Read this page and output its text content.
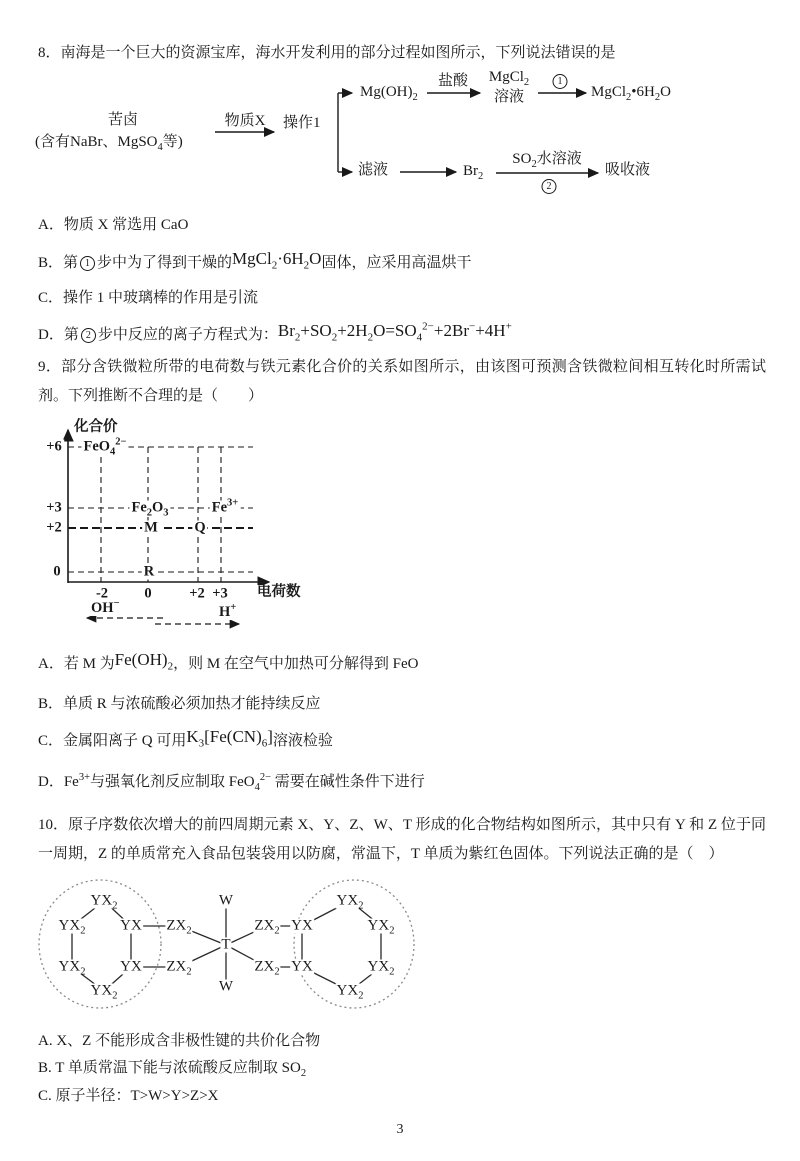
8．南海是一个巨大的资源宝库，海水开发利用的部分过程如图所示，下列说法错误的是
苦卤
(含有NaBr、MgSO$_4$等)
物质X 操作1
$Mg(OH)_2$
盐酸 MgCl$_2$
溶液
1
$MgCl_2•6H_2O$
滤液	$Br_2$
$SO_2$水溶液
2
吸收液
A．物质 X 常选用 CaO
B．第 1 步中为了得到干燥的$MgCl_2\cdot 6H_2O$固体，应采用高温烘干
C．操作 1 中玻璃棒的作用是引流
D．第 2 步中反应的离子方程式为：$Br_2+SO_2+2H_2O=SO_4^{2-}+2Br^-+4H^+$
9．部分含铁微粒所带的电荷数与铁元素化合价的关系如图所示，由该图可预测含铁微粒间相互转化时所需试剂。下列推断不合理的是（　　）
化合价
+6
+3
+2
0
FeO$_4^{2-}$
$Fe_2O_3$	$Fe^{3+}$
M	Q
R
-2	0	+2 +3 电荷数
OH−
H+
A．若 M 为$Fe(OH)_2$，则 M 在空气中加热可分解得到 FeO
B．单质 R 与浓硫酸必须加热才能持续反应
C．金属阳离子 Q 可用$K_3[Fe(CN)_6]$溶液检验
D．$Fe^{3+}$与强氧化剂反应制取 FeO$_4^{2-}$ 需要在碱性条件下进行
10．原子序数依次增大的前四周期元素 X、Y、Z、W、T 形成的化合物结构如图所示，其中只有 Y 和 Z 位于同一周期，Z 的单质常充入食品包装袋用以防腐，常温下，T 单质为紫红色固体。下列说法正确的是（　）
$YX_2$
$YX_2$ YX
$YX_2$ YX
$YX_2$
$ZX_2$
$ZX_2$
W
T
W
$ZX_2$
$ZX_2$
YX
YX
$YX_2$
$YX_2$
$YX_2$
$YX_2$
A. X、Z 不能形成含非极性键的共价化合物
B. T 单质常温下能与浓硫酸反应制取 $SO_2$
C. 原子半径：T>W>Y>Z>X
3
